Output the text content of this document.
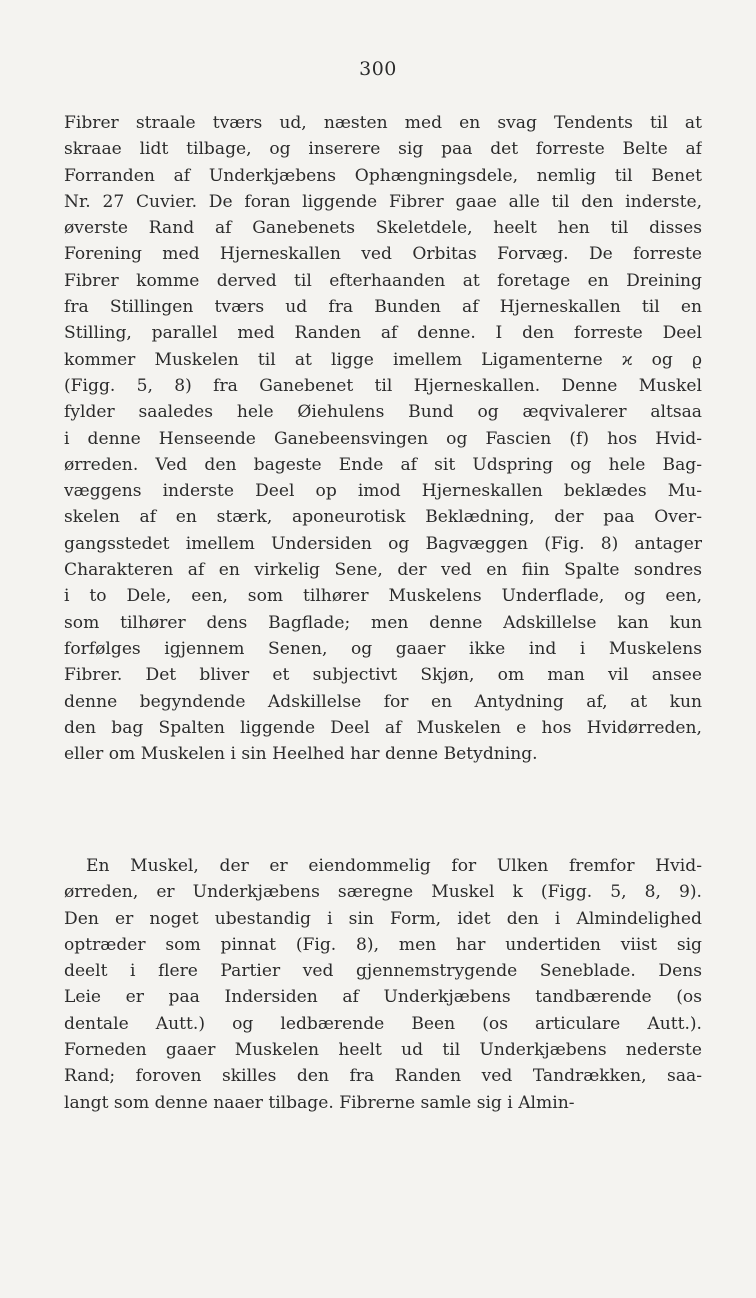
300
Fibrer straale tværs ud, næsten med en svag Tendents til at
skraae lidt tilbage, og inserere sig paa det forreste Belte af
Forranden af Underkjæbens Ophængningsdele, nemlig til Benet
Nr. 27 Cuvier. De foran liggende Fibrer gaae alle til den inderste,
øverste Rand af Ganebenets Skeletdele, heelt hen til disses
Forening med Hjerneskallen ved Orbitas Forvæg. De forreste
Fibrer komme derved til efterhaanden at foretage en Dreining
fra Stillingen tværs ud fra Bunden af Hjerneskallen til en
Stilling, parallel med Randen af denne. I den forreste Deel
kommer Muskelen til at ligge imellem Ligamenterne ϰ og ϱ
(Figg. 5, 8) fra Ganebenet til Hjerneskallen. Denne Muskel
fylder saaledes hele Øiehulens Bund og æqvivalerer altsaa
i denne Henseende Ganebeensvingen og Fascien (f) hos Hvid-
ørreden. Ved den bageste Ende af sit Udspring og hele Bag-
væggens inderste Deel op imod Hjerneskallen beklædes Mu-
skelen af en stærk, aponeurotisk Beklædning, der paa Over-
gangsstedet imellem Undersiden og Bagvæggen (Fig. 8) antager
Charakteren af en virkelig Sene, der ved en fiin Spalte sondres
i to Dele, een, som tilhører Muskelens Underflade, og een,
som tilhører dens Bagflade; men denne Adskillelse kan kun
forfølges igjennem Senen, og gaaer ikke ind i Muskelens
Fibrer. Det bliver et subjectivt Skjøn, om man vil ansee
denne begyndende Adskillelse for en Antydning af, at kun
den bag Spalten liggende Deel af Muskelen e hos Hvidørreden,
eller om Muskelen i sin Heelhed har denne Betydning.
En Muskel, der er eiendommelig for Ulken fremfor Hvid-
ørreden, er Underkjæbens særegne Muskel k (Figg. 5, 8, 9).
Den er noget ubestandig i sin Form, idet den i Almindelighed
optræder som pinnat (Fig. 8), men har undertiden viist sig
deelt i flere Partier ved gjennemstrygende Seneblade. Dens
Leie er paa Indersiden af Underkjæbens tandbærende (os
dentale Autt.) og ledbærende Been (os articulare Autt.).
Forneden gaaer Muskelen heelt ud til Underkjæbens nederste
Rand; foroven skilles den fra Randen ved Tandrækken, saa-
langt som denne naaer tilbage. Fibrerne samle sig i Almin-
